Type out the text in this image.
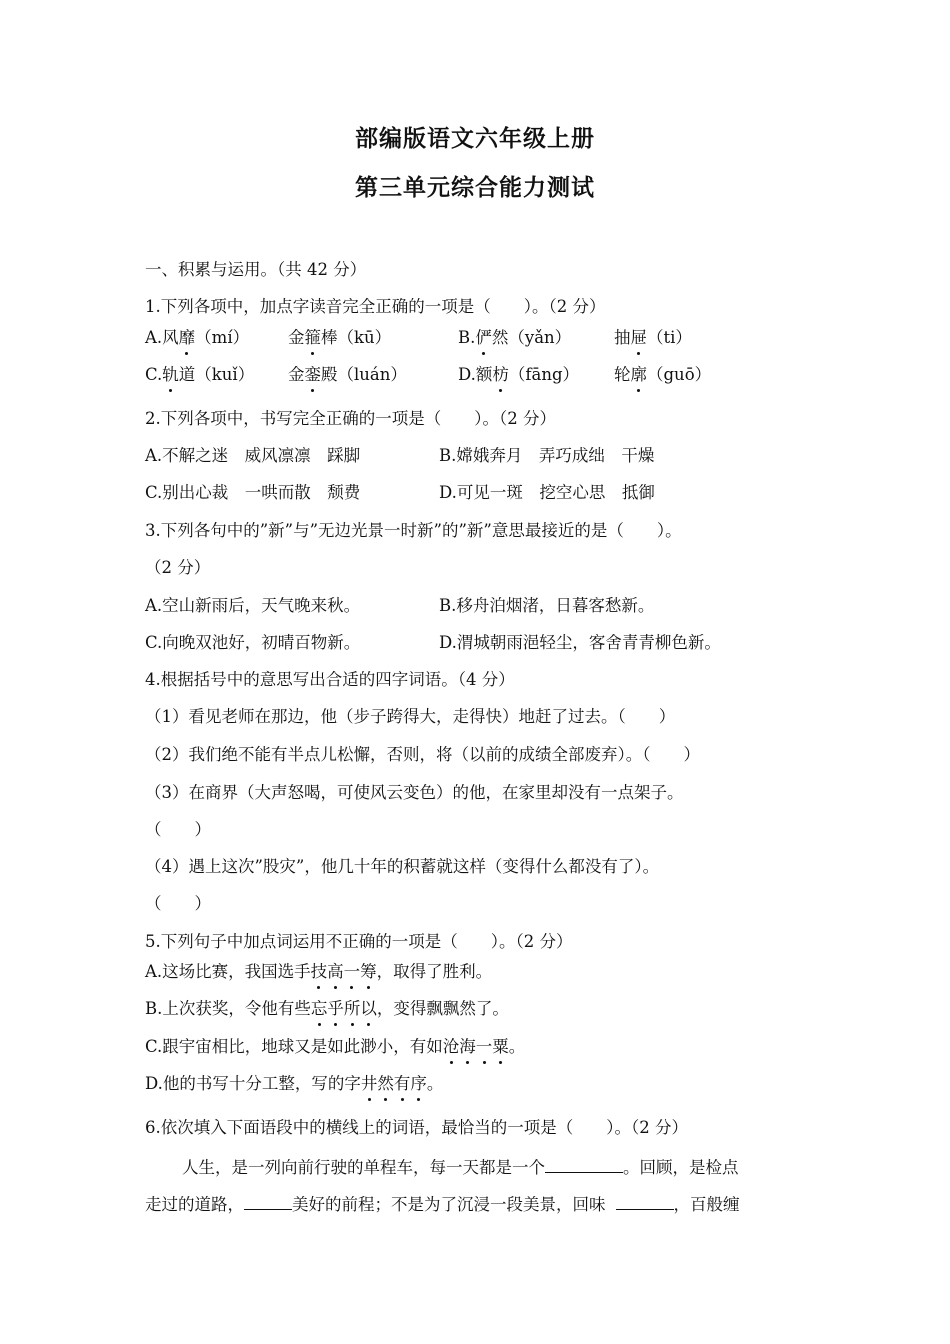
部编版语文六年级上册
第三单元综合能力测试
一、积累与运用。（共 42 分）
1.下列各项中，加点字读音完全正确的一项是（　　）。（2 分）
A.风靡（mí） 金箍棒（kū）	B.俨然（yǎn）	抽屉（ti）
C.轨道（kuǐ） 金銮殿（luán）	D.额枋（fāng） 轮廓（guō）
2.下列各项中，书写完全正确的一项是（　　）。（2 分）
A.不解之迷　威风凛凛　踩脚	B.嫦娥奔月　弄巧成绌　干燥
C.别出心裁　一哄而散　颓费	D.可见一斑　挖空心思　抵御
3.下列各句中的”新”与”无边光景一时新”的”新”意思最接近的是（　　）。
（2 分）
A.空山新雨后，天气晚来秋。	B.移舟泊烟渚，日暮客愁新。
C.向晚双池好，初晴百物新。	D.渭城朝雨浥轻尘，客舍青青柳色新。
4.根据括号中的意思写出合适的四字词语。（4 分）
（1）看见老师在那边，他（步子跨得大，走得快）地赶了过去。（　　）
（2）我们绝不能有半点儿松懈，否则，将（以前的成绩全部废弃）。（　　）
（3）在商界（大声怒喝，可使风云变色）的他，在家里却没有一点架子。
（　　）
（4）遇上这次”股灾”，他几十年的积蓄就这样（变得什么都没有了）。
（　　）
5.下列句子中加点词运用不正确的一项是（　　）。（2 分）
A.这场比赛，我国选手技高一筹，取得了胜利。
B.上次获奖，令他有些忘乎所以，变得飘飘然了。
C.跟宇宙相比，地球又是如此渺小，有如沧海一粟。
D.他的书写十分工整，写的字井然有序。
6.依次填入下面语段中的横线上的词语，最恰当的一项是（　　）。（2 分）
人生，是一列向前行驶的单程车，每一天都是一个	。回顾，是检点
走过的道路，	美好的前程；不是为了沉浸一段美景，回味	，百般缠
